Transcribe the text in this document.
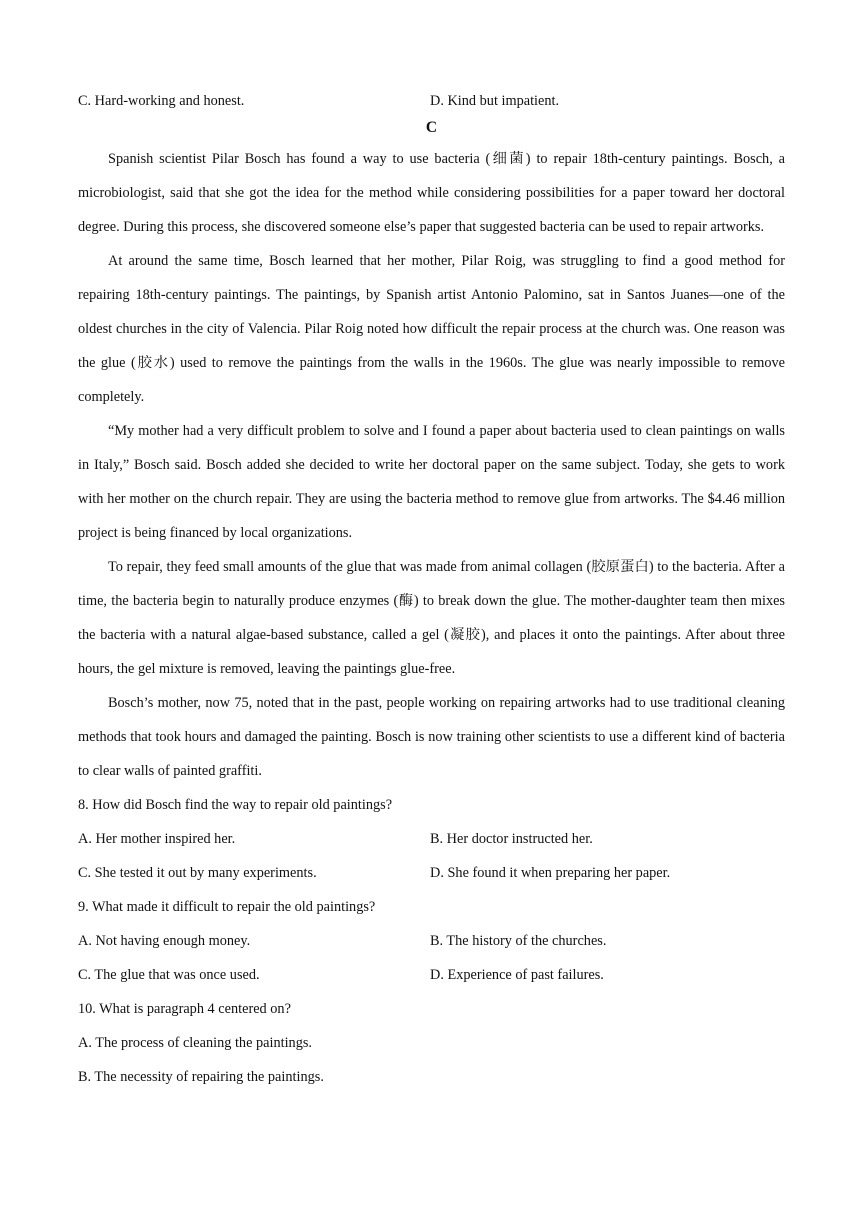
C. Hard-working and honest.	D. Kind but impatient.
C

Spanish scientist Pilar Bosch has found a way to use bacteria (细菌) to repair 18th-century paintings. Bosch, a microbiologist, said that she got the idea for the method while considering possibilities for a paper toward her doctoral degree. During this process, she discovered someone else’s paper that suggested bacteria can be used to repair artworks.

At around the same time, Bosch learned that her mother, Pilar Roig, was struggling to find a good method for repairing 18th-century paintings. The paintings, by Spanish artist Antonio Palomino, sat in Santos Juanes—one of the oldest churches in the city of Valencia. Pilar Roig noted how difficult the repair process at the church was. One reason was the glue (胶水) used to remove the paintings from the walls in the 1960s. The glue was nearly impossible to remove completely.

“My mother had a very difficult problem to solve and I found a paper about bacteria used to clean paintings on walls in Italy,” Bosch said. Bosch added she decided to write her doctoral paper on the same subject. Today, she gets to work with her mother on the church repair. They are using the bacteria method to remove glue from artworks. The $4.46 million project is being financed by local organizations.

To repair, they feed small amounts of the glue that was made from animal collagen (胶原蛋白) to the bacteria. After a time, the bacteria begin to naturally produce enzymes (酶) to break down the glue. The mother-daughter team then mixes the bacteria with a natural algae-based substance, called a gel (凝胶), and places it onto the paintings. After about three hours, the gel mixture is removed, leaving the paintings glue-free.

Bosch’s mother, now 75, noted that in the past, people working on repairing artworks had to use traditional cleaning methods that took hours and damaged the painting. Bosch is now training other scientists to use a different kind of bacteria to clear walls of painted graffiti.

8. How did Bosch find the way to repair old paintings?
A. Her mother inspired her.	B. Her doctor instructed her.
C. She tested it out by many experiments.	D. She found it when preparing her paper.
9. What made it difficult to repair the old paintings?
A. Not having enough money.	B. The history of the churches.
C. The glue that was once used.	D. Experience of past failures.
10. What is paragraph 4 centered on?
A. The process of cleaning the paintings.
B. The necessity of repairing the paintings.
